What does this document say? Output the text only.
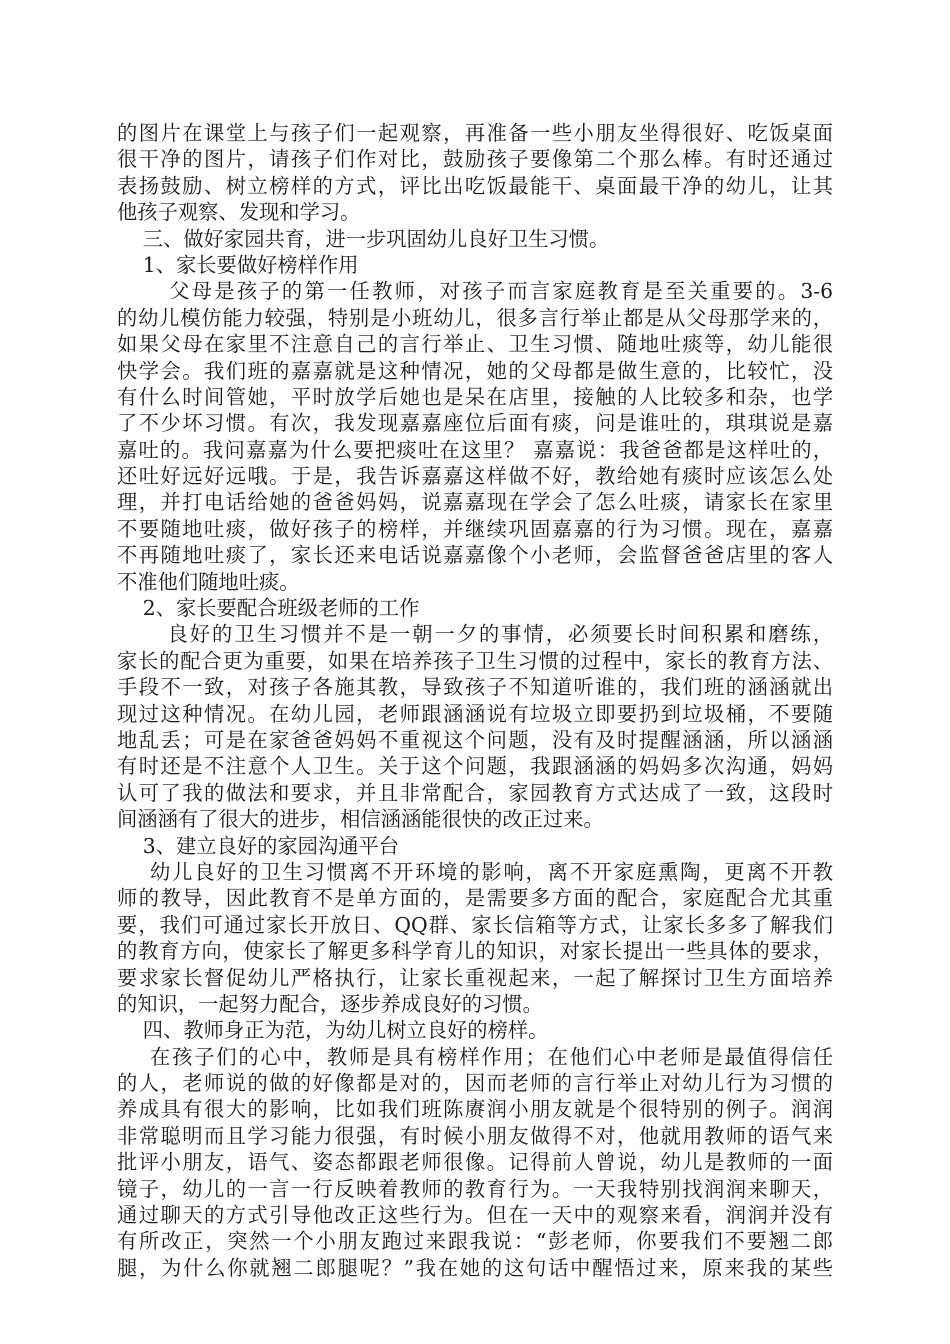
的图片在课堂上与孩子们一起观察，再准备一些小朋友坐得很好、吃饭桌面
很干净的图片，请孩子们作对比，鼓励孩子要像第二个那么棒。有时还通过
表扬鼓励、树立榜样的方式，评比出吃饭最能干、桌面最干净的幼儿，让其
他孩子观察、发现和学习。
三、做好家园共育，进一步巩固幼儿良好卫生习惯。
1、家长要做好榜样作用
父母是孩子的第一任教师，对孩子而言家庭教育是至关重要的。3-6
的幼儿模仿能力较强，特别是小班幼儿，很多言行举止都是从父母那学来的，
如果父母在家里不注意自己的言行举止、卫生习惯、随地吐痰等，幼儿能很
快学会。我们班的嘉嘉就是这种情况，她的父母都是做生意的，比较忙，没
有什么时间管她，平时放学后她也是呆在店里，接触的人比较多和杂，也学
了不少坏习惯。有次，我发现嘉嘉座位后面有痰，问是谁吐的，琪琪说是嘉
嘉吐的。我问嘉嘉为什么要把痰吐在这里？ 嘉嘉说：我爸爸都是这样吐的，
还吐好远好远哦。于是，我告诉嘉嘉这样做不好，教给她有痰时应该怎么处
理，并打电话给她的爸爸妈妈，说嘉嘉现在学会了怎么吐痰，请家长在家里
不要随地吐痰，做好孩子的榜样，并继续巩固嘉嘉的行为习惯。现在，嘉嘉
不再随地吐痰了，家长还来电话说嘉嘉像个小老师，会监督爸爸店里的客人
不准他们随地吐痰。
2、家长要配合班级老师的工作
良好的卫生习惯并不是一朝一夕的事情，必须要长时间积累和磨练，
家长的配合更为重要，如果在培养孩子卫生习惯的过程中，家长的教育方法、
手段不一致，对孩子各施其教，导致孩子不知道听谁的，我们班的涵涵就出
现过这种情况。在幼儿园，老师跟涵涵说有垃圾立即要扔到垃圾桶，不要随
地乱丢；可是在家爸爸妈妈不重视这个问题，没有及时提醒涵涵，所以涵涵
有时还是不注意个人卫生。关于这个问题，我跟涵涵的妈妈多次沟通，妈妈
认可了我的做法和要求，并且非常配合，家园教育方式达成了一致，这段时
间涵涵有了很大的进步，相信涵涵能很快的改正过来。
3、建立良好的家园沟通平台
幼儿良好的卫生习惯离不开环境的影响，离不开家庭熏陶，更离不开教
师的教导，因此教育不是单方面的，是需要多方面的配合，家庭配合尤其重
要，我们可通过家长开放日、QQ群、家长信箱等方式，让家长多多了解我们
的教育方向，使家长了解更多科学育儿的知识，对家长提出一些具体的要求，
要求家长督促幼儿严格执行，让家长重视起来，一起了解探讨卫生方面培养
的知识，一起努力配合，逐步养成良好的习惯。
四、教师身正为范，为幼儿树立良好的榜样。
在孩子们的心中，教师是具有榜样作用；在他们心中老师是最值得信任
的人，老师说的做的好像都是对的，因而老师的言行举止对幼儿行为习惯的
养成具有很大的影响，比如我们班陈赓润小朋友就是个很特别的例子。润润
非常聪明而且学习能力很强，有时候小朋友做得不对，他就用教师的语气来
批评小朋友，语气、姿态都跟老师很像。记得前人曾说，幼儿是教师的一面
镜子，幼儿的一言一行反映着教师的教育行为。一天我特别找润润来聊天，
通过聊天的方式引导他改正这些行为。但在一天中的观察来看，润润并没有
有所改正，突然一个小朋友跑过来跟我说：“彭老师，你要我们不要翘二郎
腿，为什么你就翘二郎腿呢？”我在她的这句话中醒悟过来，原来我的某些
